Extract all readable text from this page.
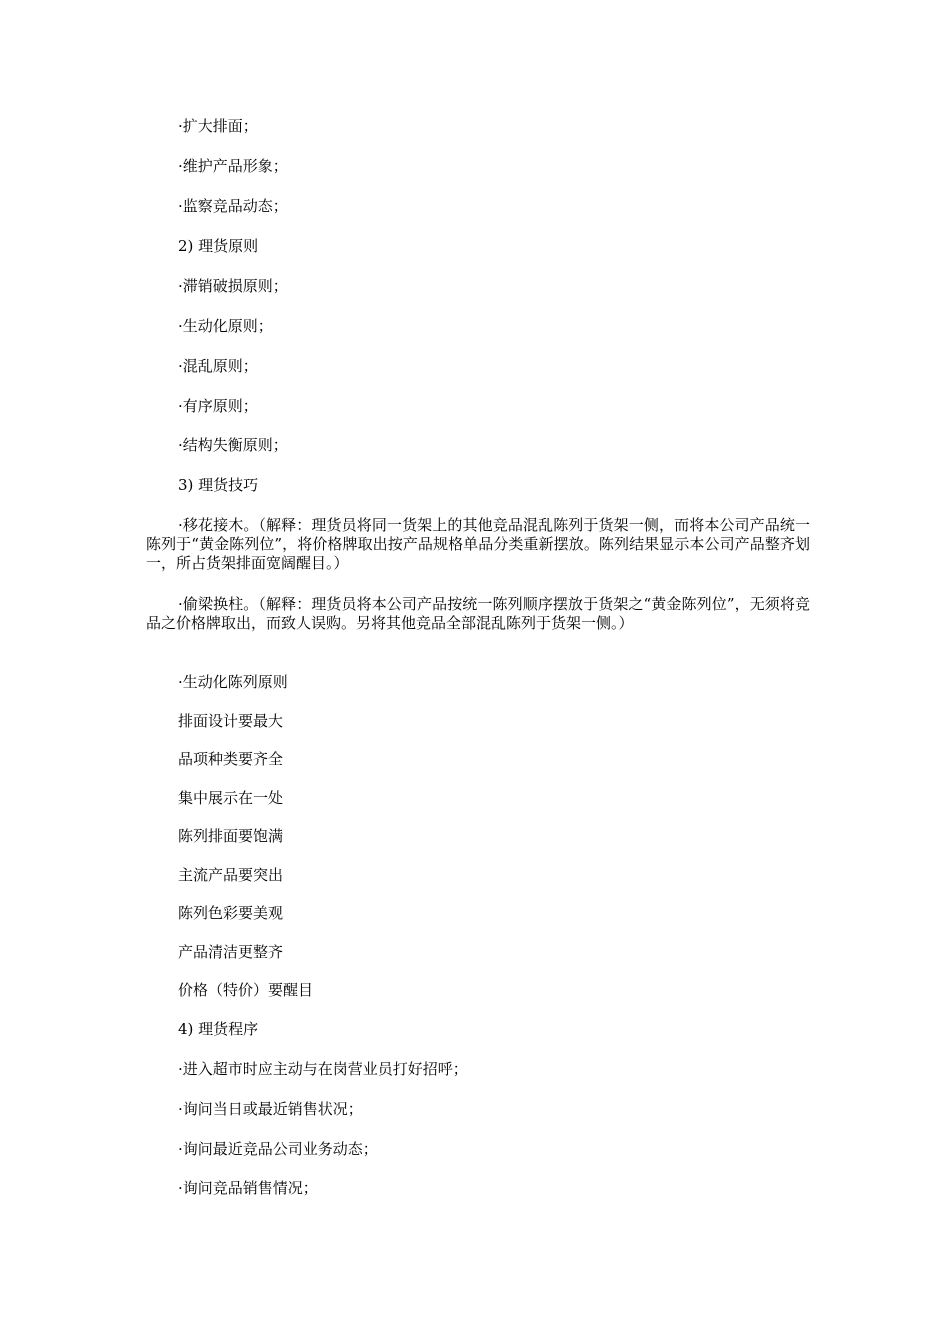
·扩大排面；
·维护产品形象；
·监察竞品动态；
2) 理货原则
·滞销破损原则；
·生动化原则；
·混乱原则；
·有序原则；
·结构失衡原则；
3) 理货技巧
·移花接木。（解释：理货员将同一货架上的其他竞品混乱陈列于货架一侧，而将本公司产品统一陈列于“黄金陈列位”，将价格牌取出按产品规格单品分类重新摆放。陈列结果显示本公司产品整齐划一，所占货架排面宽阔醒目。）
·偷梁换柱。（解释：理货员将本公司产品按统一陈列顺序摆放于货架之“黄金陈列位”，无须将竞品之价格牌取出，而致人误购。另将其他竞品全部混乱陈列于货架一侧。）
·生动化陈列原则
排面设计要最大
品项种类要齐全
集中展示在一处
陈列排面要饱满
主流产品要突出
陈列色彩要美观
产品清洁更整齐
价格（特价）要醒目
4) 理货程序
·进入超市时应主动与在岗营业员打好招呼；
·询问当日或最近销售状况；
·询问最近竞品公司业务动态；
·询问竞品销售情况；
